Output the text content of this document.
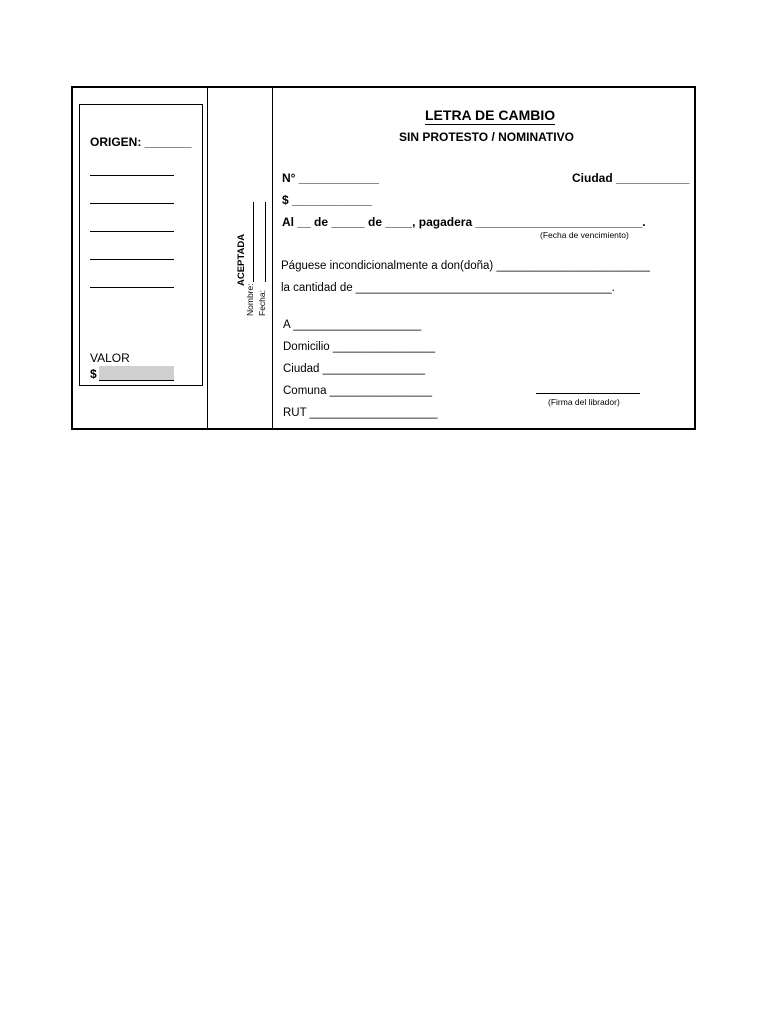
ORIGEN: _______
VALOR
$
ACEPTADA
Nombre: Fecha:
LETRA DE CAMBIO
SIN PROTESTO / NOMINATIVO
N° ____________	Ciudad ___________
$ ____________
Al __ de _____ de ____, pagadera _________________________.
(Fecha de vencimiento)
Páguese incondicionalmente a don(doña) ________________________
la cantidad de ________________________________________.
A ____________________
Domicilio ________________
Ciudad ________________
Comuna ________________
RUT ____________________
(Firma del librador)
